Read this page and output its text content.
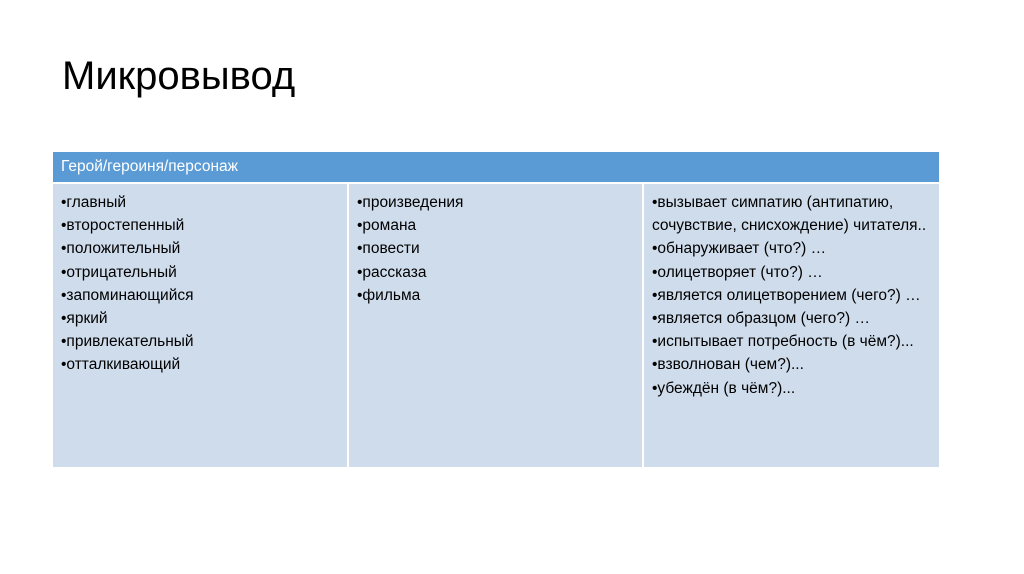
Микровывод
Герой/героиня/персонаж

•главный
•второстепенный
•положительный
•отрицательный
•запоминающийся
•яркий
•привлекательный
•отталкивающий

•произведения
•романа
•повести
•рассказа
•фильма

•вызывает симпатию (антипатию, сочувствие, снисхождение) читателя..
•обнаруживает (что?) …
•олицетворяет (что?) …
•является олицетворением (чего?) …
•является образцом (чего?) …
•испытывает потребность (в чём?)...
•взволнован (чем?)...
•убеждён (в чём?)...
